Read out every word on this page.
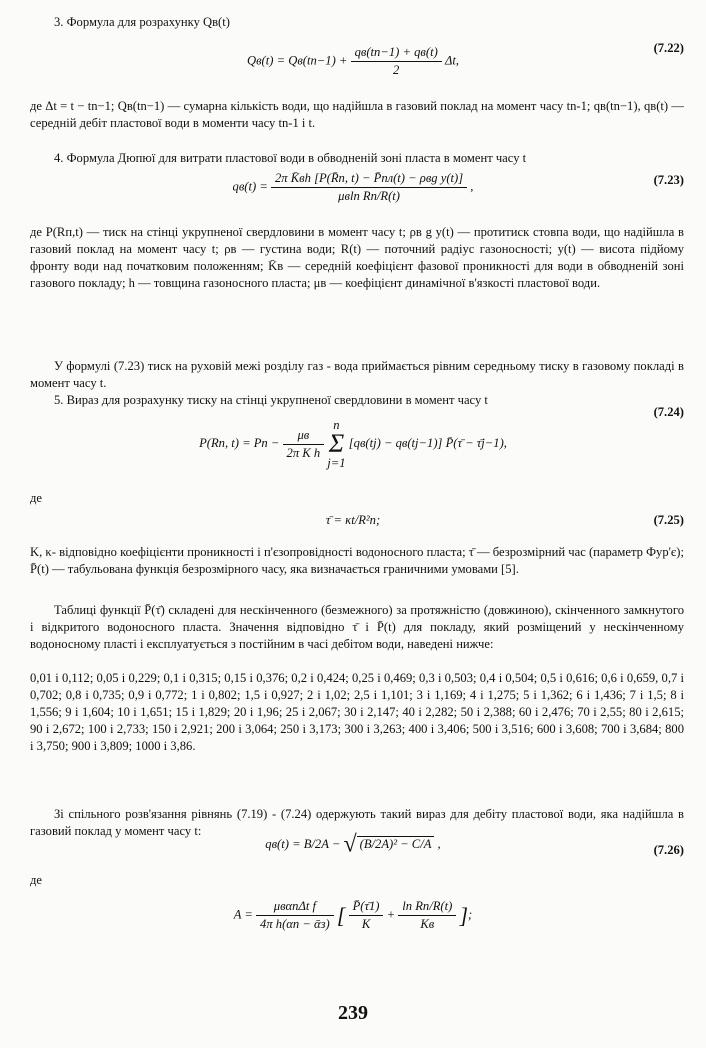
3. Формула для розрахунку Qв(t)
$Qв(t) = Qв(tn-1) + \frac{qв(tn-1) + qв(t)}{2} \Delta t$,
(7.22)
де Δt = t − tn−1; Qв(tn−1) — сумарна кількість води, що надійшла в газовий поклад на момент часу tn-1; qв(tn−1), qв(t) — середній дебіт пластової води в моменти часу tn-1 і t.
4. Формула Дюпюї для витрати пластової води в обводненій зоні пласта в момент часу t
$qв(t) = \frac{\text{2π K̄вh [P(R̄п, t) − P̄пл(t) − ρвg y(t)]}}{\text{μвln Rп/R(t)}}$ ,	(7.23)
де P(Rп,t) — тиск на стінці укрупненої свердловини в момент часу t; ρв g y(t) — протитиск стовпа води, що надійшла в газовий поклад на момент часу t; ρв — густина води; R(t) — поточний радіус газоносності; y(t) — висота підйому фронту води над початковим положенням; K̄в — середній коефіцієнт фазової проникності для води в обводненій зоні газового покладу; h — товщина газоносного пласта; μв — коефіцієнт динамічної в'язкості пластової води.
У формулі (7.23) тиск на руховій межі розділу газ - вода приймається рівним середньому тиску в газовому покладі в момент часу t.
5. Вираз для розрахунку тиску на стінці укрупненої свердловини в момент часу t
P(Rп, t) = Pп − $\frac{\mu в}{\text{2π K h}}$
n
Σ
j=1 [qв(tj) − qв(tj−1)] P̄(τ̄ − τ̄j−1),
(7.24)
де
τ̄ = κt/R²п;	(7.25)
K, κ- відповідно коефіцієнти проникності і п'єзопровідності водоносного пласта; τ̄ — безрозмірний час (параметр Фур'є); P̄(t) — табульована функція безрозмірного часу, яка визначається граничними умовами [5].
Таблиці функції P̄(τ̄) складені для нескінченного (безмежного) за протяжністю (довжиною), скінченного замкнутого і відкритого водоносного пласта. Значення відповідно τ̄ і P̄(t) для покладу, який розміщений у нескінченному водоносному пласті і експлуатується з постійним в часі дебітом води, наведені нижче:
0,01 і 0,112; 0,05 і 0,229; 0,1 і 0,315; 0,15 і 0,376; 0,2 і 0,424; 0,25 і 0,469; 0,3 і 0,503; 0,4 і 0,504; 0,5 і 0,616; 0,6 і 0,659, 0,7 і 0,702; 0,8 і 0,735; 0,9 і 0,772; 1 і 0,802; 1,5 і 0,927; 2 і 1,02; 2,5 і 1,101; 3 і 1,169; 4 і 1,275; 5 і 1,362; 6 і 1,436; 7 і 1,5; 8 і 1,556; 9 і 1,604; 10 і 1,651; 15 і 1,829; 20 і 1,96; 25 і 2,067; 30 і 2,147; 40 і 2,282; 50 і 2,388; 60 і 2,476; 70 і 2,55; 80 і 2,615; 90 і 2,672; 100 і 2,733; 150 і 2,921; 200 і 3,064; 250 і 3,173; 300 і 3,263; 400 і 3,406; 500 і 3,516; 600 і 3,608; 700 і 3,684; 800 і 3,750; 900 і 3,809; 1000 і 3,86.
Зі спільного розв'язання рівнянь (7.19) - (7.24) одержують такий вираз для дебіту пластової води, яка надійшла в газовий поклад у момент часу t:
qв(t) = B/2A − √ (B/2A)² − C/A ,	(7.26)
де
$A = \frac{\text{μвαпΔt f}}{\text{4π h(αп − ᾱз)}}$ [ $\frac{P̄(\taū1)}{K} + \frac{\text{ln Rп/R(t)}}{Kв}$ ];
239
